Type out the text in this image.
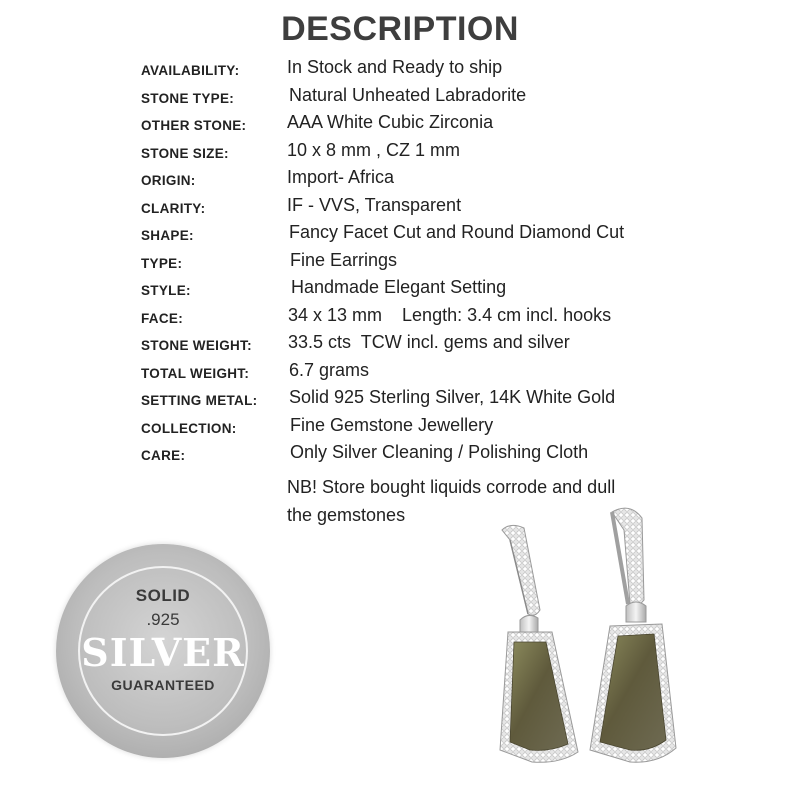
DESCRIPTION
AVAILABILITY:	In Stock and Ready to ship
STONE TYPE:	Natural Unheated Labradorite
OTHER STONE: AAA White Cubic Zirconia
STONE SIZE:	10 x 8 mm , CZ 1 mm
ORIGIN:	Import- Africa
CLARITY:	IF - VVS, Transparent
SHAPE:	Fancy Facet Cut and Round Diamond Cut
TYPE:	Fine Earrings
STYLE:	Handmade Elegant Setting
FACE:	34 x 13 mm    Length: 3.4 cm incl. hooks
STONE WEIGHT: 33.5 cts  TCW incl. gems and silver
TOTAL WEIGHT: 6.7 grams
SETTING METAL: Solid 925 Sterling Silver, 14K White Gold
COLLECTION:	Fine Gemstone Jewellery
CARE:	Only Silver Cleaning / Polishing Cloth
NB! Store bought liquids corrode and dull
the gemstones
SOLID
.925
SILVER
GUARANTEED
